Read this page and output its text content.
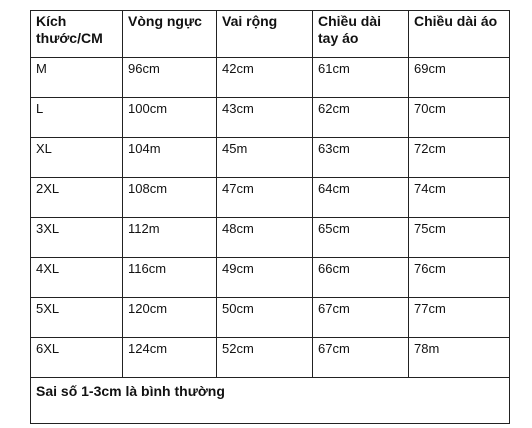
Kích thước/CM	Vòng ngực	Vai rộng	Chiều dài tay áo	Chiều dài áo
M	96cm	42cm	61cm	69cm
L	100cm	43cm	62cm	70cm
XL	104m	45m	63cm	72cm
2XL	108cm	47cm	64cm	74cm
3XL	112m	48cm	65cm	75cm
4XL	116cm	49cm	66cm	76cm
5XL	120cm	50cm	67cm	77cm
6XL	124cm	52cm	67cm	78m
Sai số 1-3cm là bình thường				
